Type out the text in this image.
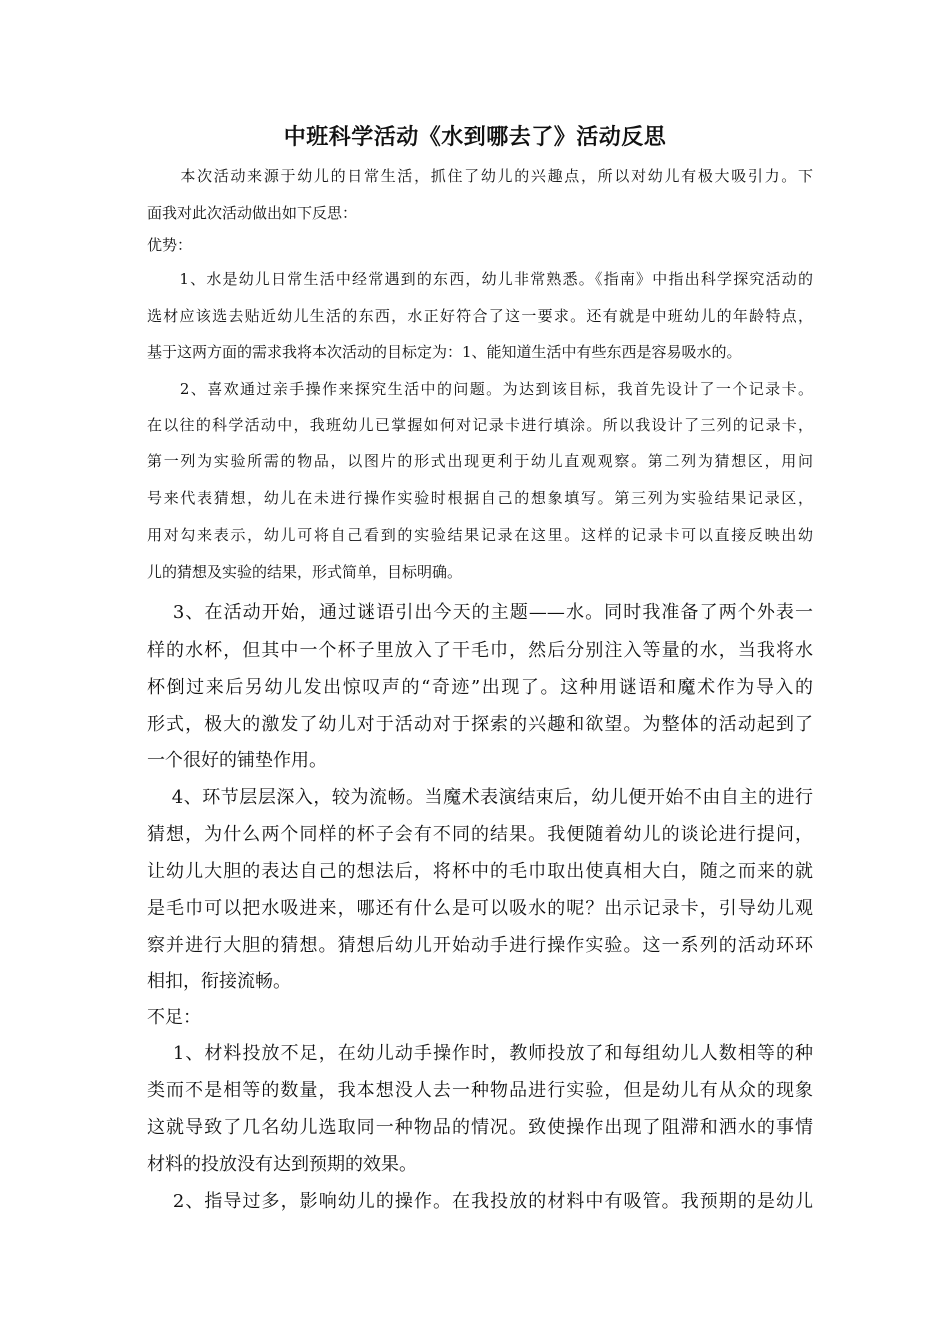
中班科学活动《水到哪去了》活动反思
　　本次活动来源于幼儿的日常生活，抓住了幼儿的兴趣点，所以对幼儿有极大吸引力。下
面我对此次活动做出如下反思：
优势：
　　1、水是幼儿日常生活中经常遇到的东西，幼儿非常熟悉。《指南》中指出科学探究活动的
选材应该选去贴近幼儿生活的东西，水正好符合了这一要求。还有就是中班幼儿的年龄特点，
基于这两方面的需求我将本次活动的目标定为：1、能知道生活中有些东西是容易吸水的。
　　2、喜欢通过亲手操作来探究生活中的问题。为达到该目标，我首先设计了一个记录卡。
在以往的科学活动中，我班幼儿已掌握如何对记录卡进行填涂。所以我设计了三列的记录卡，
第一列为实验所需的物品，以图片的形式出现更利于幼儿直观观察。第二列为猜想区，用问
号来代表猜想，幼儿在未进行操作实验时根据自己的想象填写。第三列为实验结果记录区，
用对勾来表示，幼儿可将自己看到的实验结果记录在这里。这样的记录卡可以直接反映出幼
儿的猜想及实验的结果，形式简单，目标明确。
　 3、在活动开始，通过谜语引出今天的主题——水。同时我准备了两个外表一
样的水杯，但其中一个杯子里放入了干毛巾，然后分别注入等量的水，当我将水
杯倒过来后另幼儿发出惊叹声的“奇迹”出现了。这种用谜语和魔术作为导入的
形式，极大的激发了幼儿对于活动对于探索的兴趣和欲望。为整体的活动起到了
一个很好的铺垫作用。
　 4、环节层层深入，较为流畅。当魔术表演结束后，幼儿便开始不由自主的进行
猜想，为什么两个同样的杯子会有不同的结果。我便随着幼儿的谈论进行提问，
让幼儿大胆的表达自己的想法后，将杯中的毛巾取出使真相大白，随之而来的就
是毛巾可以把水吸进来，哪还有什么是可以吸水的呢？出示记录卡，引导幼儿观
察并进行大胆的猜想。猜想后幼儿开始动手进行操作实验。这一系列的活动环环
相扣，衔接流畅。
不足：
　 1、材料投放不足，在幼儿动手操作时，教师投放了和每组幼儿人数相等的种
类而不是相等的数量，我本想没人去一种物品进行实验，但是幼儿有从众的现象
这就导致了几名幼儿选取同一种物品的情况。致使操作出现了阻滞和洒水的事情
材料的投放没有达到预期的效果。
　 2、指导过多，影响幼儿的操作。在我投放的材料中有吸管。我预期的是幼儿
